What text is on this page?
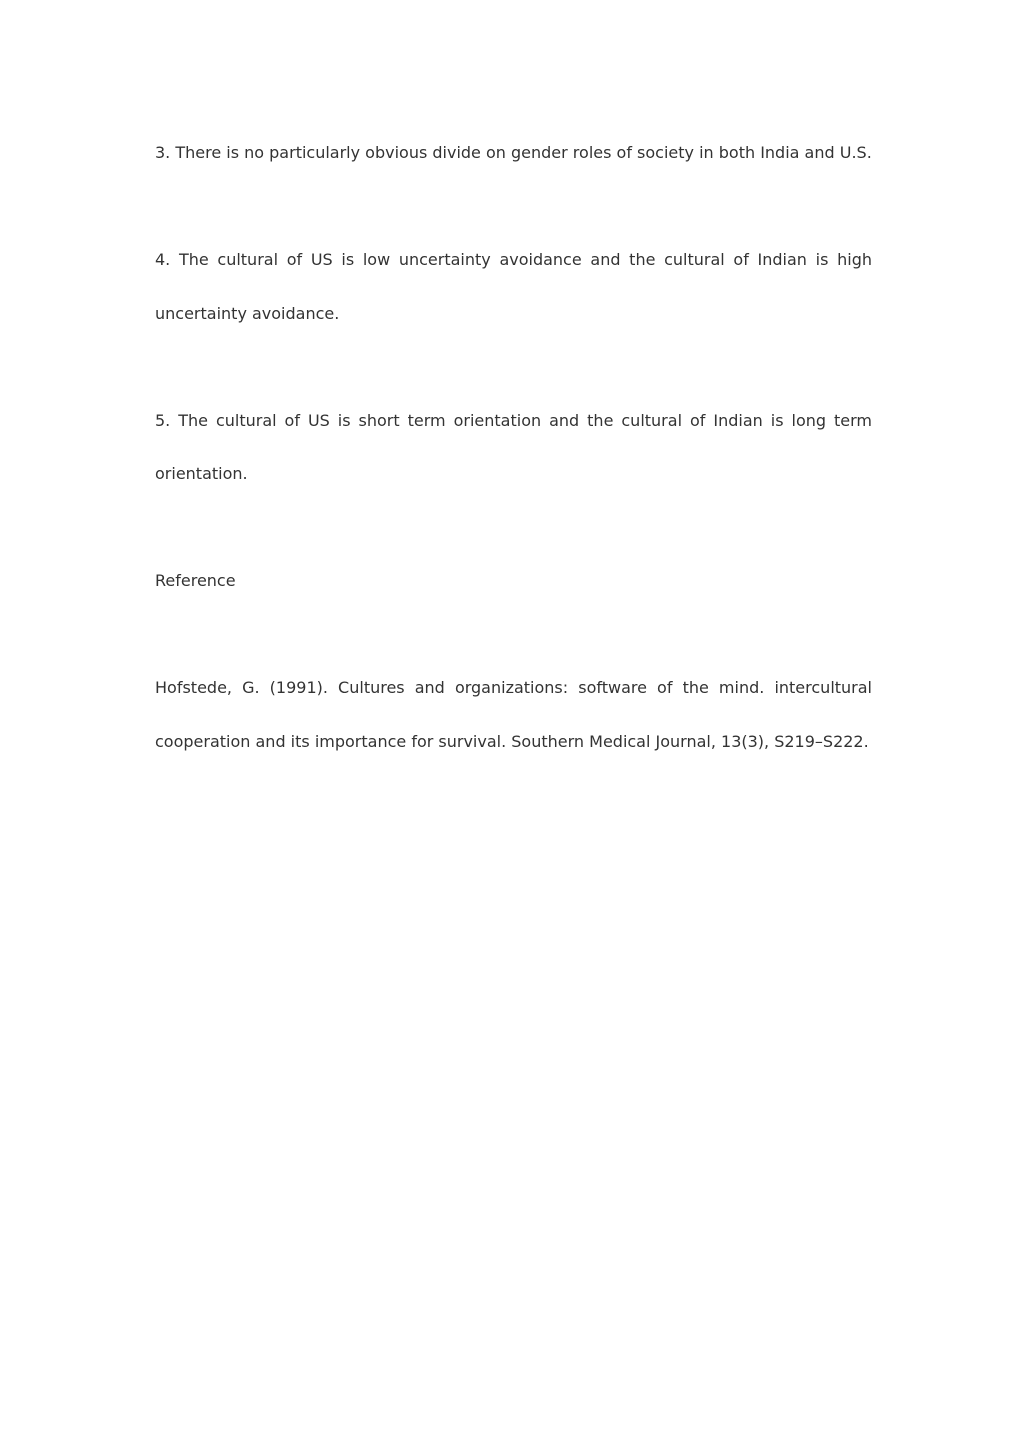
3. There is no particularly obvious divide on gender roles of society in both India and U.S.

4. The cultural of US is low uncertainty avoidance and the cultural of Indian is high uncertainty avoidance.

5. The cultural of US is short term orientation and the cultural of Indian is long term orientation.

Reference

Hofstede, G. (1991). Cultures and organizations: software of the mind. intercultural cooperation and its importance for survival. Southern Medical Journal, 13(3), S219–S222.
